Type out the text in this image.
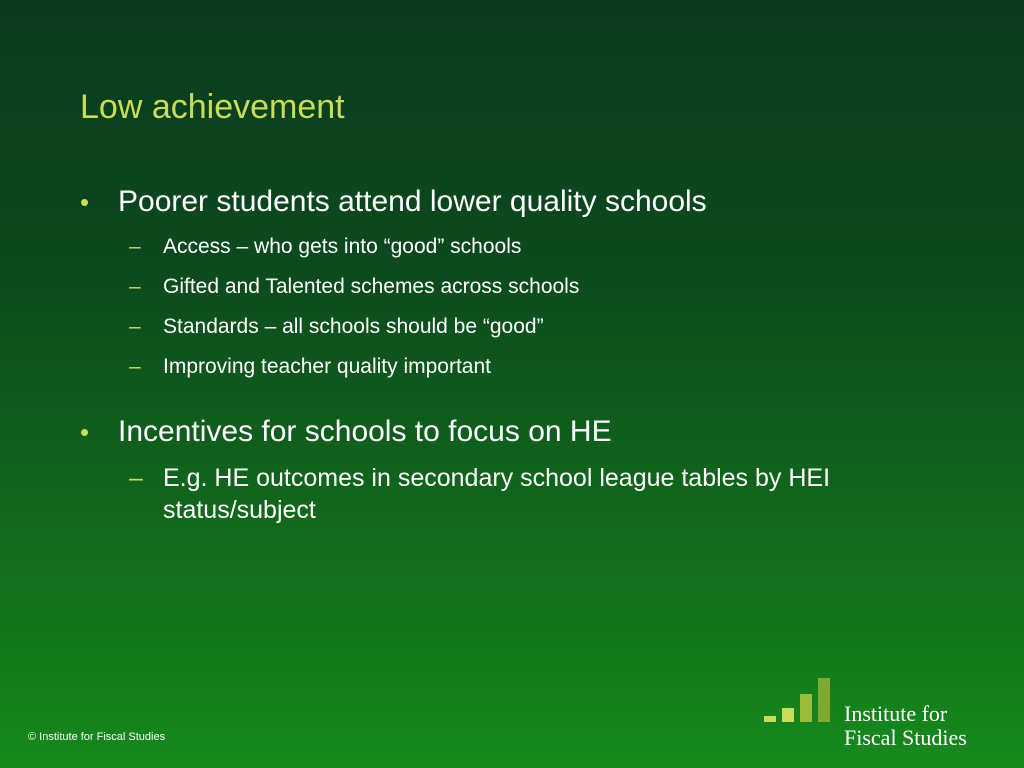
Low achievement
• Poorer students attend lower quality schools
– Access – who gets into “good” schools
– Gifted and Talented schemes across schools
– Standards – all schools should be “good”
– Improving teacher quality important
• Incentives for schools to focus on HE
– E.g. HE outcomes in secondary school league tables by HEI status/subject
© Institute for Fiscal Studies
Institute for
Fiscal Studies
